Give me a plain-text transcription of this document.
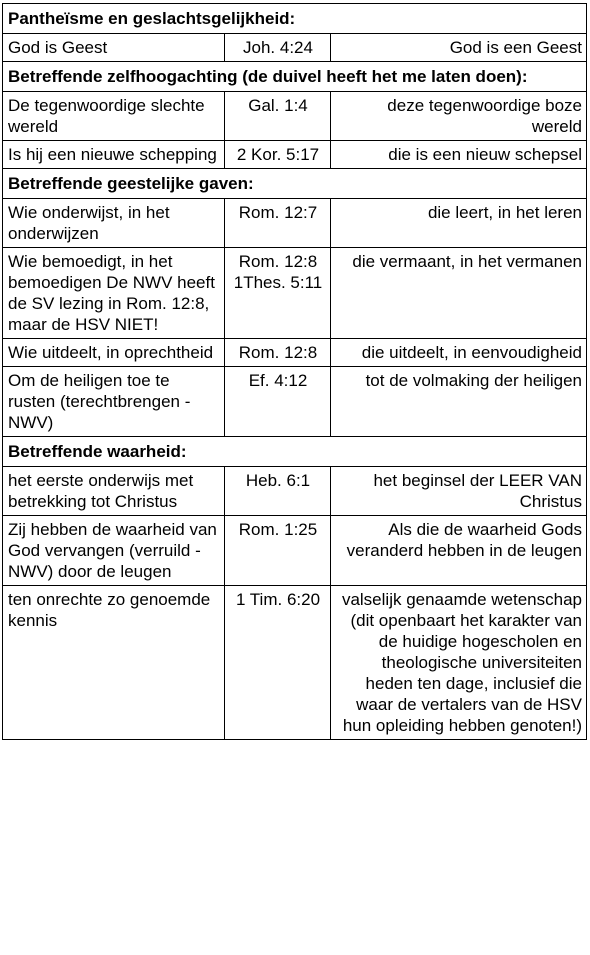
Pantheïsme en geslachtsgelijkheid:		
God is Geest	Joh. 4:24	God is een Geest
Betreffende zelfhoogachting (de duivel heeft het me laten doen):		
De tegenwoordige slechte wereld	Gal. 1:4	deze tegenwoordige boze wereld
Is hij een nieuwe schepping	2 Kor. 5:17	die is een nieuw schepsel
Betreffende geestelijke gaven:		
Wie onderwijst, in het onderwijzen	Rom. 12:7	die leert, in het leren
Wie bemoedigt, in het bemoedigen De NWV heeft de SV lezing in Rom. 12:8, maar de HSV NIET!	Rom. 12:8 1Thes. 5:11	die vermaant, in het vermanen
Wie uitdeelt, in oprechtheid	Rom. 12:8	die uitdeelt, in eenvoudigheid
Om de heiligen toe te rusten (terechtbrengen - NWV)	Ef. 4:12	tot de volmaking der heiligen
Betreffende waarheid:		
het eerste onderwijs met betrekking tot Christus	Heb. 6:1	het beginsel der LEER VAN Christus
Zij hebben de waarheid van God vervangen (verruild - NWV) door de leugen	Rom. 1:25	Als die de waarheid Gods veranderd hebben in de leugen
ten onrechte zo genoemde kennis	1 Tim. 6:20	valselijk genaamde wetenschap (dit openbaart het karakter van de huidige hogescholen en theologische universiteiten heden ten dage, inclusief die waar de vertalers van de HSV hun opleiding hebben genoten!)
